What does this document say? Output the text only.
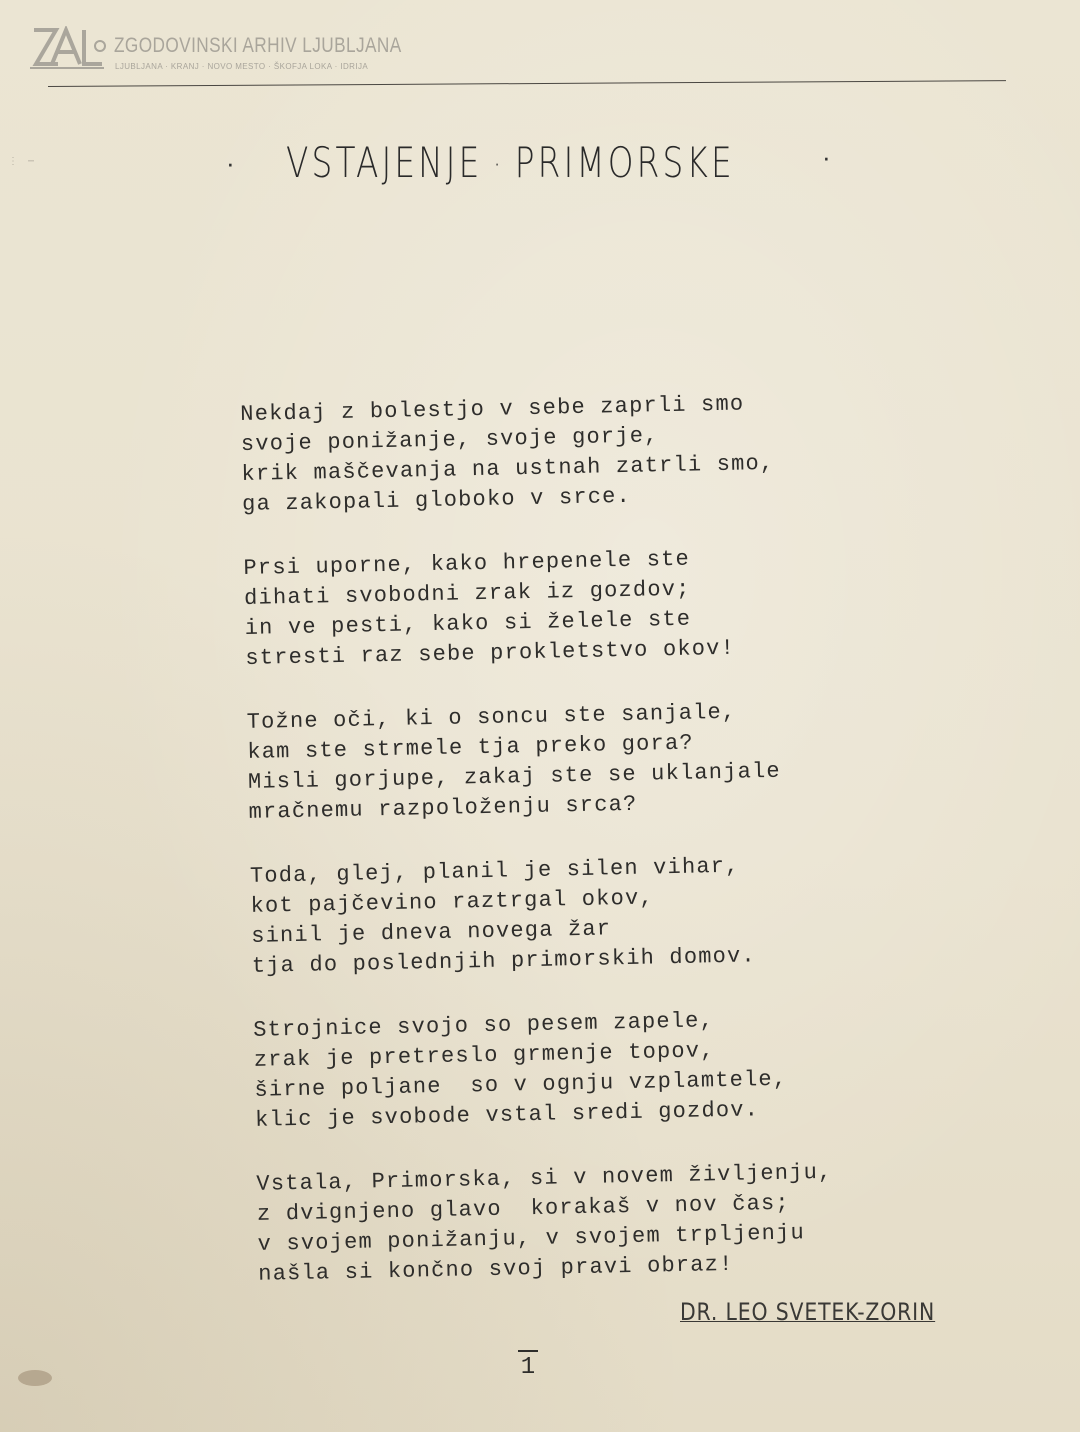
ZGODOVINSKI ARHIV LJUBLJANA
LJUBLJANA · KRANJ · NOVO MESTO · ŠKOFJA LOKA · IDRIJA
⋮ ⋯	· VSTAJENJE · PRIMORSKE	·
Nekdaj z bolestjo v sebe zaprli smo
svoje ponižanje, svoje gorje,
krik maščevanja na ustnah zatrli smo,
ga zakopali globoko v srce.
Prsi uporne, kako hrepenele ste
dihati svobodni zrak iz gozdov;
in ve pesti, kako si želele ste
stresti raz sebe prokletstvo okov!
Tožne oči, ki o soncu ste sanjale,
kam ste strmele tja preko gora?
Misli gorjupe, zakaj ste se uklanjale
mračnemu razpoloženju srca?
Toda, glej, planil je silen vihar,
kot pajčevino raztrgal okov,
sinil je dneva novega žar
tja do poslednjih primorskih domov.
Strojnice svojo so pesem zapele,
zrak je pretreslo grmenje topov,
širne poljane  so v ognju vzplamtele,
klic je svobode vstal sredi gozdov.
Vstala, Primorska, si v novem življenju,
z dvignjeno glavo  korakaš v nov čas;
v svojem ponižanju, v svojem trpljenju
našla si končno svoj pravi obraz!
DR. LEO SVETEK-ZORIN
1
